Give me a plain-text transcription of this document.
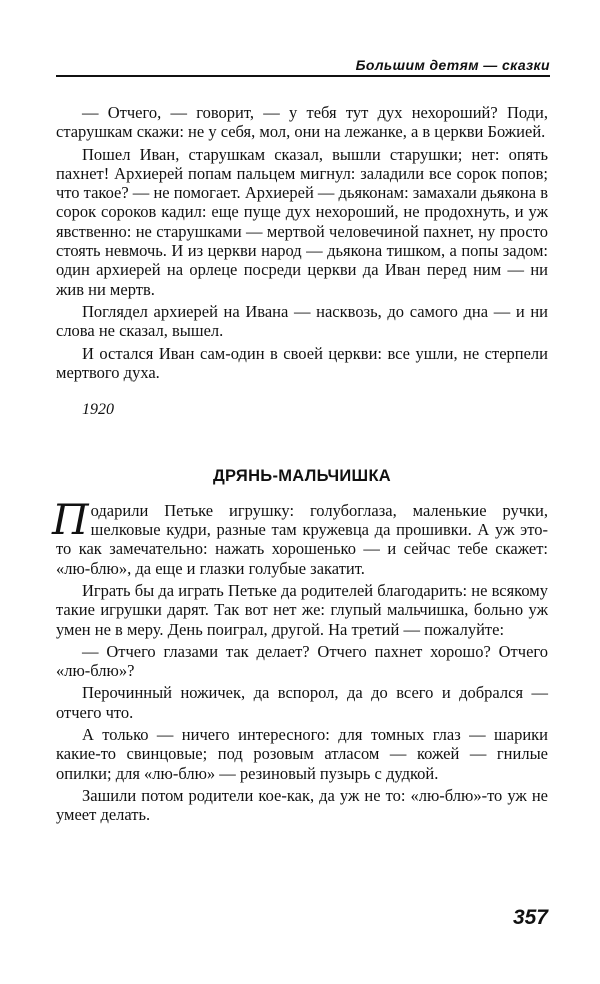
Большим детям — сказки

— Отчего, — говорит, — у тебя тут дух нехороший? Поди, старушкам скажи: не у себя, мол, они на лежанке, а в церкви Божией.

Пошел Иван, старушкам сказал, вышли старушки; нет: опять пахнет! Архиерей попам пальцем мигнул: заладили все сорок попов; что такое? — не помогает. Архиерей — дьяконам: замахали дьякона в сорок сороков кадил: еще пуще дух нехороший, не продохнуть, и уж явственно: не старушками — мертвой человечиной пахнет, ну просто стоять невмочь. И из церкви народ — дьякона тишком, а попы задом: один архиерей на орлеце посреди церкви да Иван перед ним — ни жив ни мертв.

Поглядел архиерей на Ивана — насквозь, до самого дна — и ни слова не сказал, вышел.

И остался Иван сам-один в своей церкви: все ушли, не стерпели мертвого духа.

1920
ДРЯНЬ-МАЛЬЧИШКА

Подарили Петьке игрушку: голубоглаза, маленькие ручки, шелковые кудри, разные там кружевца да прошивки. А уж это-то как замечательно: нажать хорошенько — и сейчас тебе скажет: «лю-блю», да еще и глазки голубые закатит.

Играть бы да играть Петьке да родителей благодарить: не всякому такие игрушки дарят. Так вот нет же: глупый мальчишка, больно уж умен не в меру. День поиграл, другой. На третий — пожалуйте:

— Отчего глазами так делает? Отчего пахнет хорошо? Отчего «лю-блю»?

Перочинный ножичек, да вспорол, да до всего и добрался — отчего что.

А только — ничего интересного: для томных глаз — шарики какие-то свинцовые; под розовым атласом — кожей — гнилые опилки; для «лю-блю» — резиновый пузырь с дудкой.

Зашили потом родители кое-как, да уж не то: «лю-блю»-то уж не умеет делать.

357
